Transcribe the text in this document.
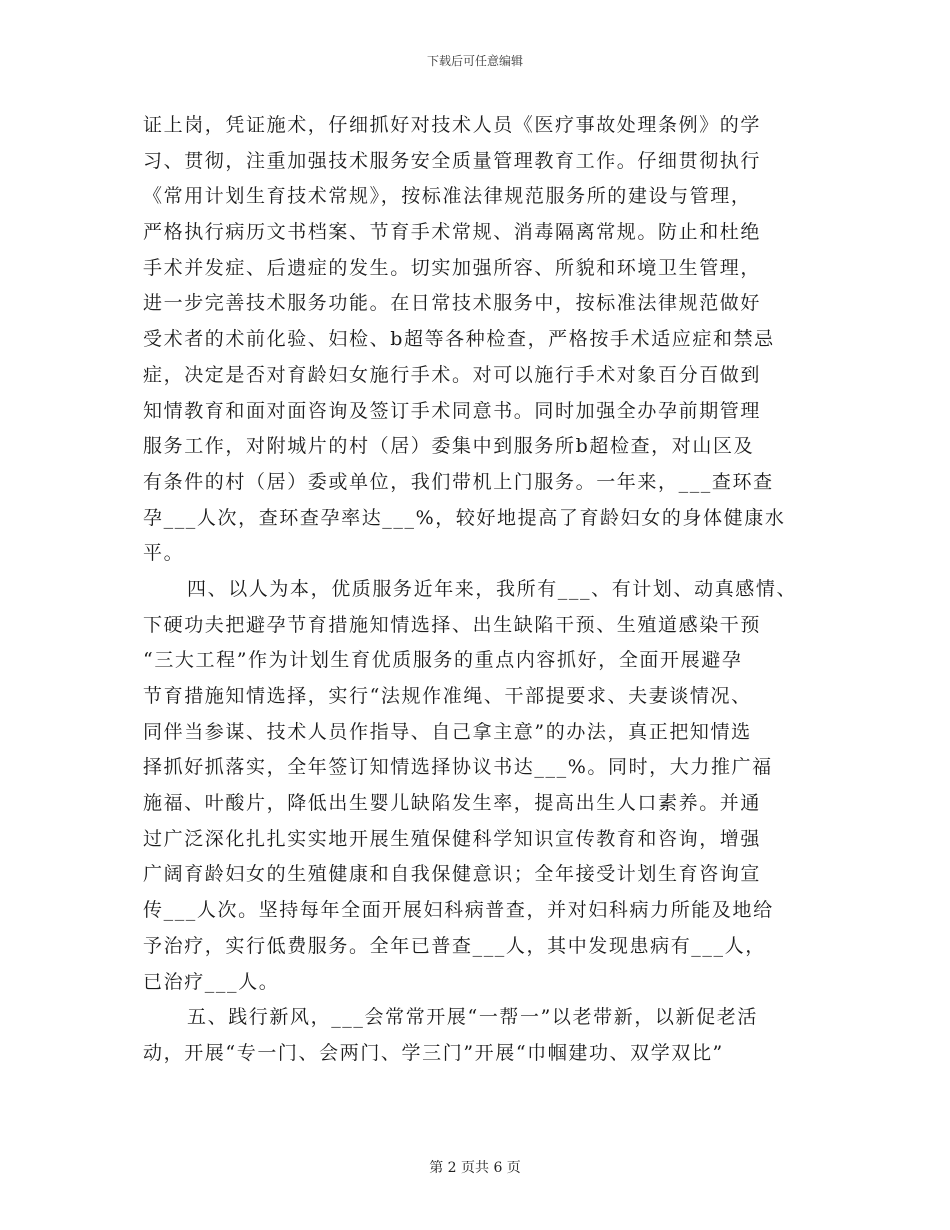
下载后可任意编辑
证上岗，凭证施术，仔细抓好对技术人员《医疗事故处理条例》的学
习、贯彻，注重加强技术服务安全质量管理教育工作。仔细贯彻执行
《常用计划生育技术常规》，按标准法律规范服务所的建设与管理，
严格执行病历文书档案、节育手术常规、消毒隔离常规。防止和杜绝
手术并发症、后遗症的发生。切实加强所容、所貌和环境卫生管理，
进一步完善技术服务功能。在日常技术服务中，按标准法律规范做好
受术者的术前化验、妇检、b超等各种检查，严格按手术适应症和禁忌
症，决定是否对育龄妇女施行手术。对可以施行手术对象百分百做到
知情教育和面对面咨询及签订手术同意书。同时加强全办孕前期管理
服务工作，对附城片的村（居）委集中到服务所b超检查，对山区及
有条件的村（居）委或单位，我们带机上门服务。一年来，___查环查
孕___人次，查环查孕率达___%，较好地提高了育龄妇女的身体健康水
平。
四、以人为本，优质服务近年来，我所有___、有计划、动真感情、
下硬功夫把避孕节育措施知情选择、出生缺陷干预、生殖道感染干预
“三大工程”作为计划生育优质服务的重点内容抓好，全面开展避孕
节育措施知情选择，实行“法规作准绳、干部提要求、夫妻谈情况、
同伴当参谋、技术人员作指导、自己拿主意”的办法，真正把知情选
择抓好抓落实，全年签订知情选择协议书达___%。同时，大力推广福
施福、叶酸片，降低出生婴儿缺陷发生率，提高出生人口素养。并通
过广泛深化扎扎实实地开展生殖保健科学知识宣传教育和咨询，增强
广阔育龄妇女的生殖健康和自我保健意识；全年接受计划生育咨询宣
传___人次。坚持每年全面开展妇科病普查，并对妇科病力所能及地给
予治疗，实行低费服务。全年已普查___人，其中发现患病有___人，
已治疗___人。
五、践行新风，___会常常开展“一帮一”以老带新，以新促老活
动，开展“专一门、会两门、学三门”开展“巾帼建功、双学双比”
第 2 页共 6 页
